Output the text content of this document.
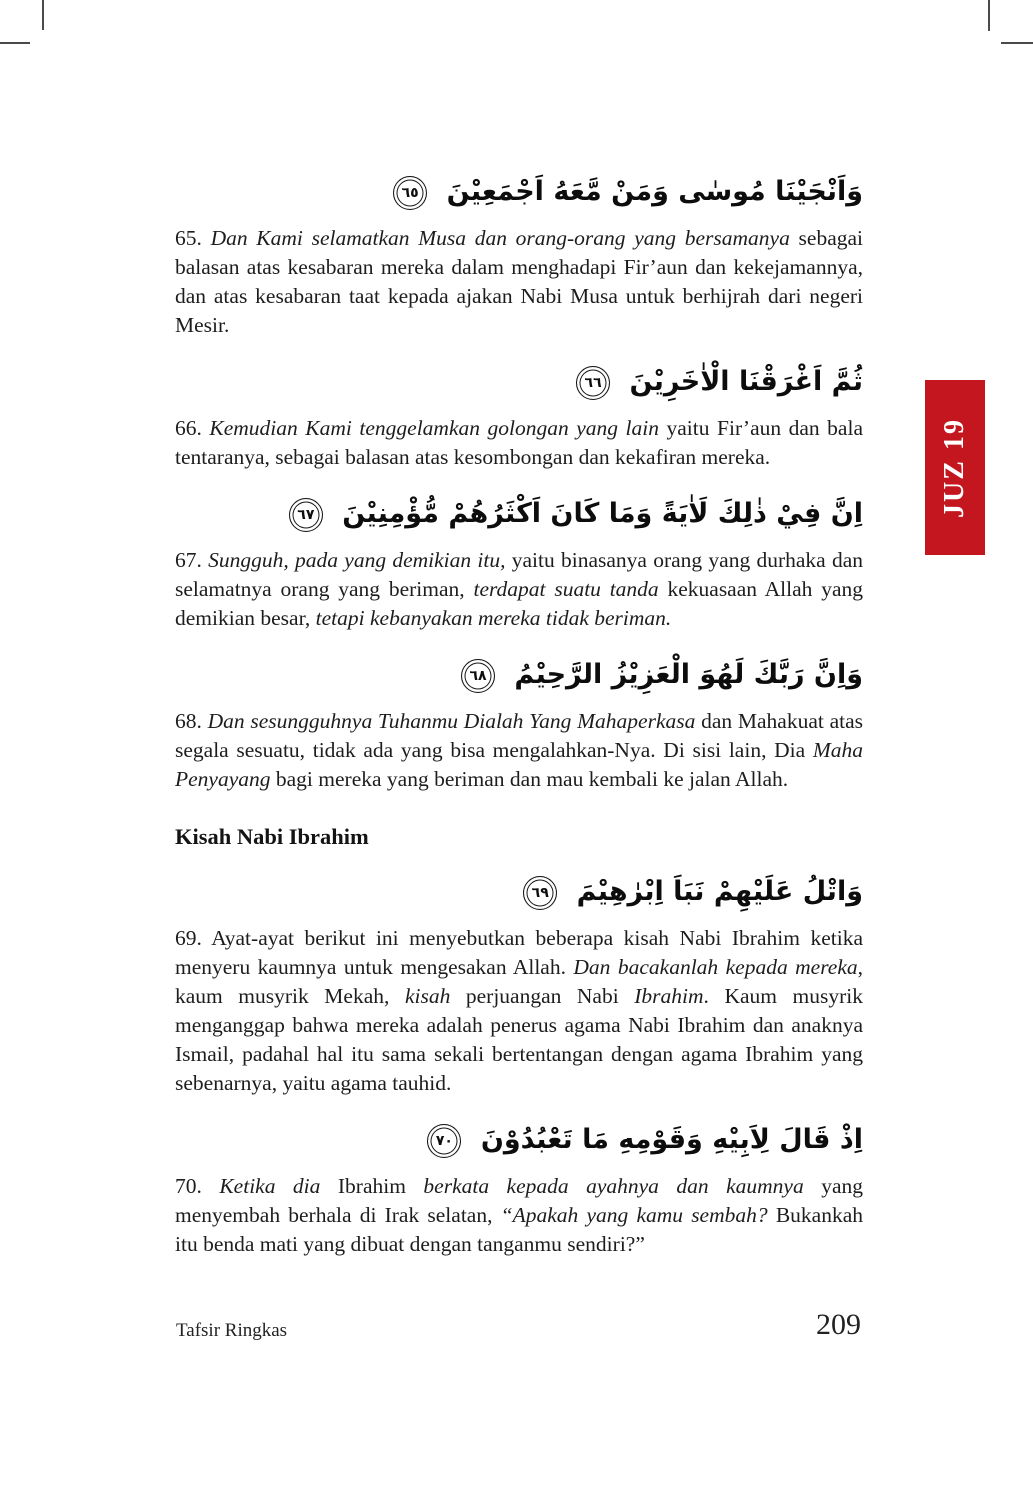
JUZ 19
وَاَنْجَيْنَا مُوسٰى وَمَنْ مَّعَهُ اَجْمَعِيْنَ ٦٥

65. Dan Kami selamatkan Musa dan orang-orang yang bersamanya sebagai balasan atas kesabaran mereka dalam menghadapi Fir’aun dan kekejamannya, dan atas kesabaran taat kepada ajakan Nabi Musa untuk berhijrah dari negeri Mesir.

ثُمَّ اَغْرَقْنَا الْاٰخَرِيْنَ ٦٦

66. Kemudian Kami tenggelamkan golongan yang lain yaitu Fir’aun dan bala tentaranya, sebagai balasan atas kesombongan dan kekafiran mereka.

اِنَّ فِيْ ذٰلِكَ لَاٰيَةً وَمَا كَانَ اَكْثَرُهُمْ مُّؤْمِنِيْنَ ٦٧

67. Sungguh, pada yang demikian itu, yaitu binasanya orang yang durhaka dan selamatnya orang yang beriman, terdapat suatu tanda kekuasaan Allah yang demikian besar, tetapi kebanyakan mereka tidak beriman.

وَاِنَّ رَبَّكَ لَهُوَ الْعَزِيْزُ الرَّحِيْمُ ٦٨

68. Dan sesungguhnya Tuhanmu Dialah Yang Mahaperkasa dan Mahakuat atas segala sesuatu, tidak ada yang bisa mengalahkan-Nya. Di sisi lain, Dia Maha Penyayang bagi mereka yang beriman dan mau kembali ke jalan Allah.

Kisah Nabi Ibrahim
وَاتْلُ عَلَيْهِمْ نَبَاَ اِبْرٰهِيْمَ ٦٩

69. Ayat-ayat berikut ini menyebutkan beberapa kisah Nabi Ibrahim ketika menyeru kaumnya untuk mengesakan Allah. Dan bacakanlah kepada mereka, kaum musyrik Mekah, kisah perjuangan Nabi Ibrahim. Kaum musyrik menganggap bahwa mereka adalah penerus agama Nabi Ibrahim dan anaknya Ismail, padahal hal itu sama sekali bertentangan dengan agama Ibrahim yang sebenarnya, yaitu agama tauhid.

اِذْ قَالَ لِاَبِيْهِ وَقَوْمِهِ مَا تَعْبُدُوْنَ ٧٠

70. Ketika dia Ibrahim berkata kepada ayahnya dan kaumnya yang menyembah berhala di Irak selatan, “Apakah yang kamu sembah? Bukankah itu benda mati yang dibuat dengan tanganmu sendiri?”

Tafsir Ringkas	209
